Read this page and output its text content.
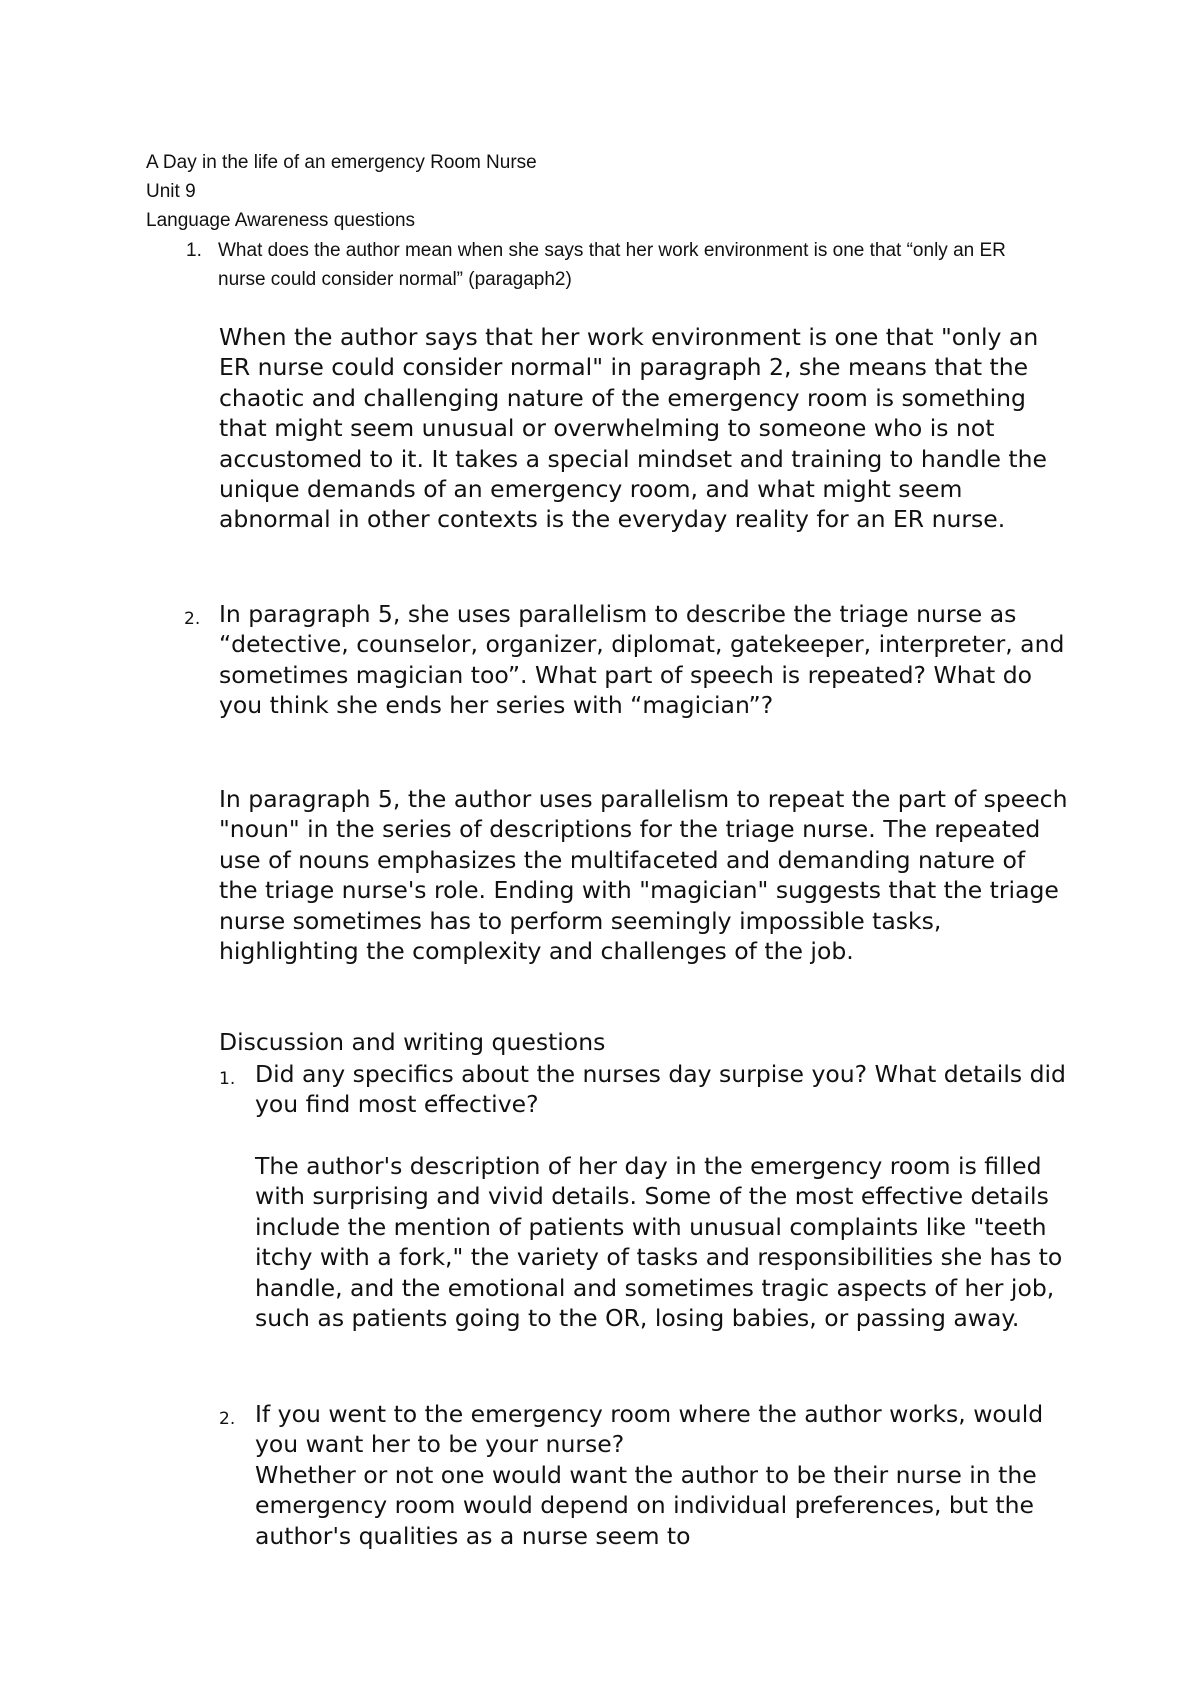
A Day in the life of an emergency Room Nurse
Unit 9
Language Awareness questions
1. What does the author mean when she says that her work environment is one that “only an ER nurse could consider normal” (paragaph2)
When the author says that her work environment is one that "only an ER nurse could consider normal" in paragraph 2, she means that the chaotic and challenging nature of the emergency room is something that might seem unusual or overwhelming to someone who is not accustomed to it. It takes a special mindset and training to handle the unique demands of an emergency room, and what might seem abnormal in other contexts is the everyday reality for an ER nurse.
2. In paragraph 5, she uses parallelism to describe the triage nurse as “detective, counselor, organizer, diplomat, gatekeeper, interpreter, and sometimes magician too”. What part of speech is repeated? What do you think she ends her series with “magician”?
In paragraph 5, the author uses parallelism to repeat the part of speech "noun" in the series of descriptions for the triage nurse. The repeated use of nouns emphasizes the multifaceted and demanding nature of the triage nurse's role. Ending with "magician" suggests that the triage nurse sometimes has to perform seemingly impossible tasks, highlighting the complexity and challenges of the job.
Discussion and writing questions
1. Did any specifics about the nurses day surpise you? What details did you find most effective?
The author's description of her day in the emergency room is filled with surprising and vivid details. Some of the most effective details include the mention of patients with unusual complaints like "teeth itchy with a fork," the variety of tasks and responsibilities she has to handle, and the emotional and sometimes tragic aspects of her job, such as patients going to the OR, losing babies, or passing away.
2. If you went to the emergency room where the author works, would you want her to be your nurse?
Whether or not one would want the author to be their nurse in the emergency room would depend on individual preferences, but the author's qualities as a nurse seem to
